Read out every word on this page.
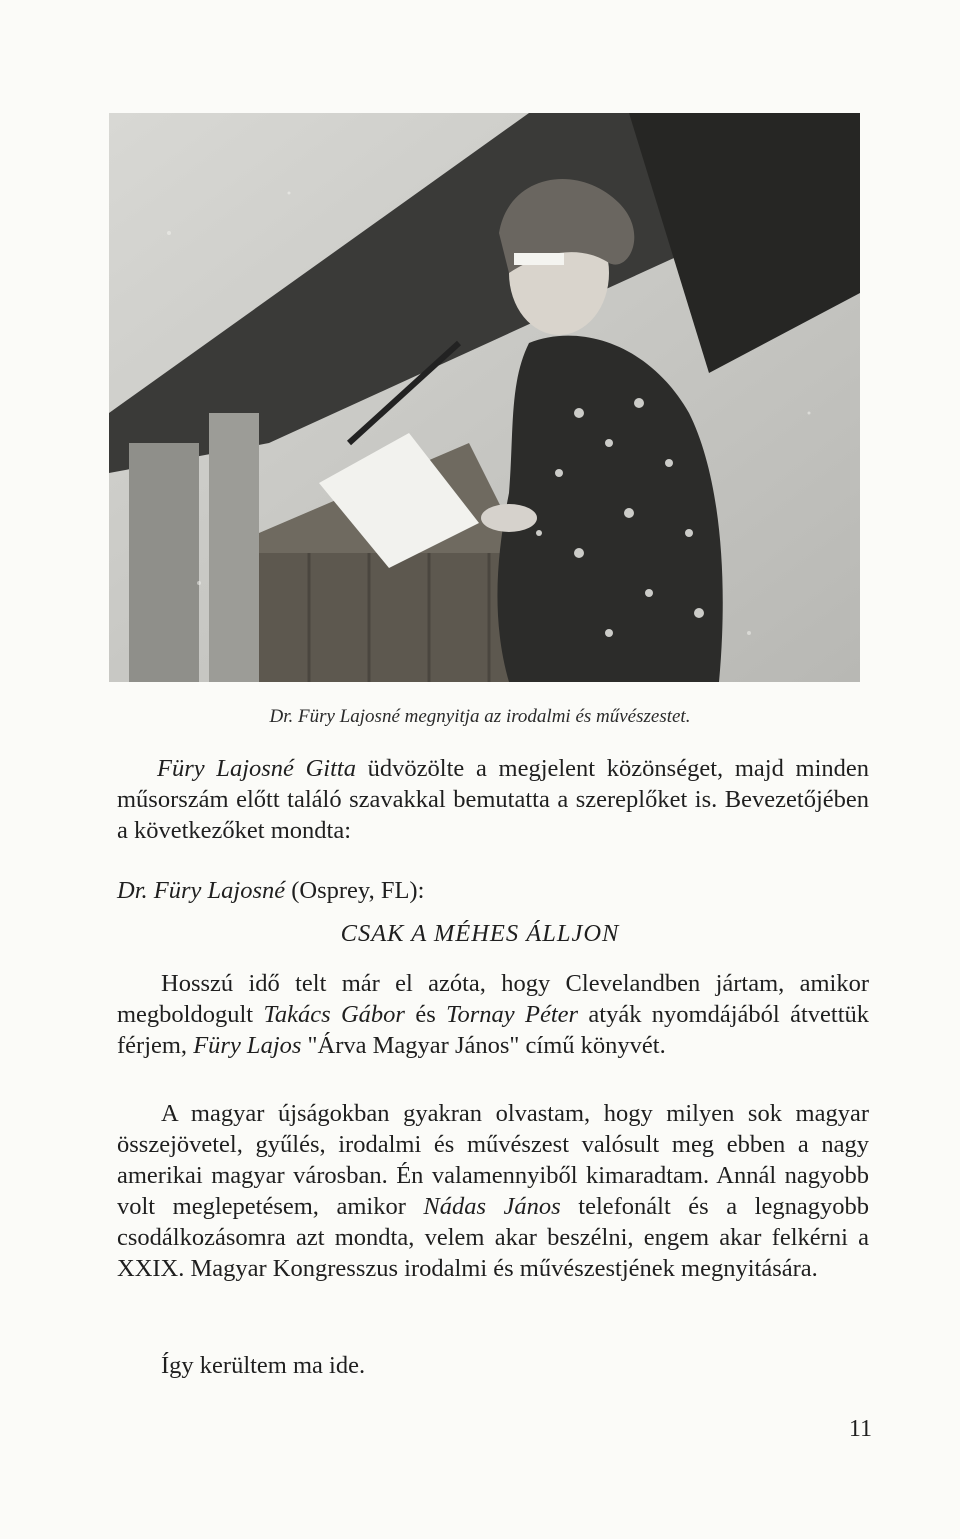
Dr. Füry Lajosné megnyitja az irodalmi és művészestet.

Füry Lajosné Gitta üdvözölte a megjelent közönséget, majd minden műsorszám előtt találó szavakkal bemutatta a szereplőket is. Bevezetőjében a következőket mondta:

Dr. Füry Lajosné (Osprey, FL):
CSAK A MÉHES ÁLLJON

Hosszú idő telt már el azóta, hogy Clevelandben jártam, amikor megboldogult Takács Gábor és Tornay Péter atyák nyomdájából átvettük férjem, Füry Lajos "Árva Magyar János" című könyvét.

A magyar újságokban gyakran olvastam, hogy milyen sok magyar összejövetel, gyűlés, irodalmi és művészest valósult meg ebben a nagy amerikai magyar városban. Én valamennyiből kimaradtam. Annál nagyobb volt meglepetésem, amikor Nádas János telefonált és a legnagyobb csodálkozásomra azt mondta, velem akar beszélni, engem akar felkérni a XXIX. Magyar Kongresszus irodalmi és művészestjének megnyitására.

Így kerültem ma ide.

11
